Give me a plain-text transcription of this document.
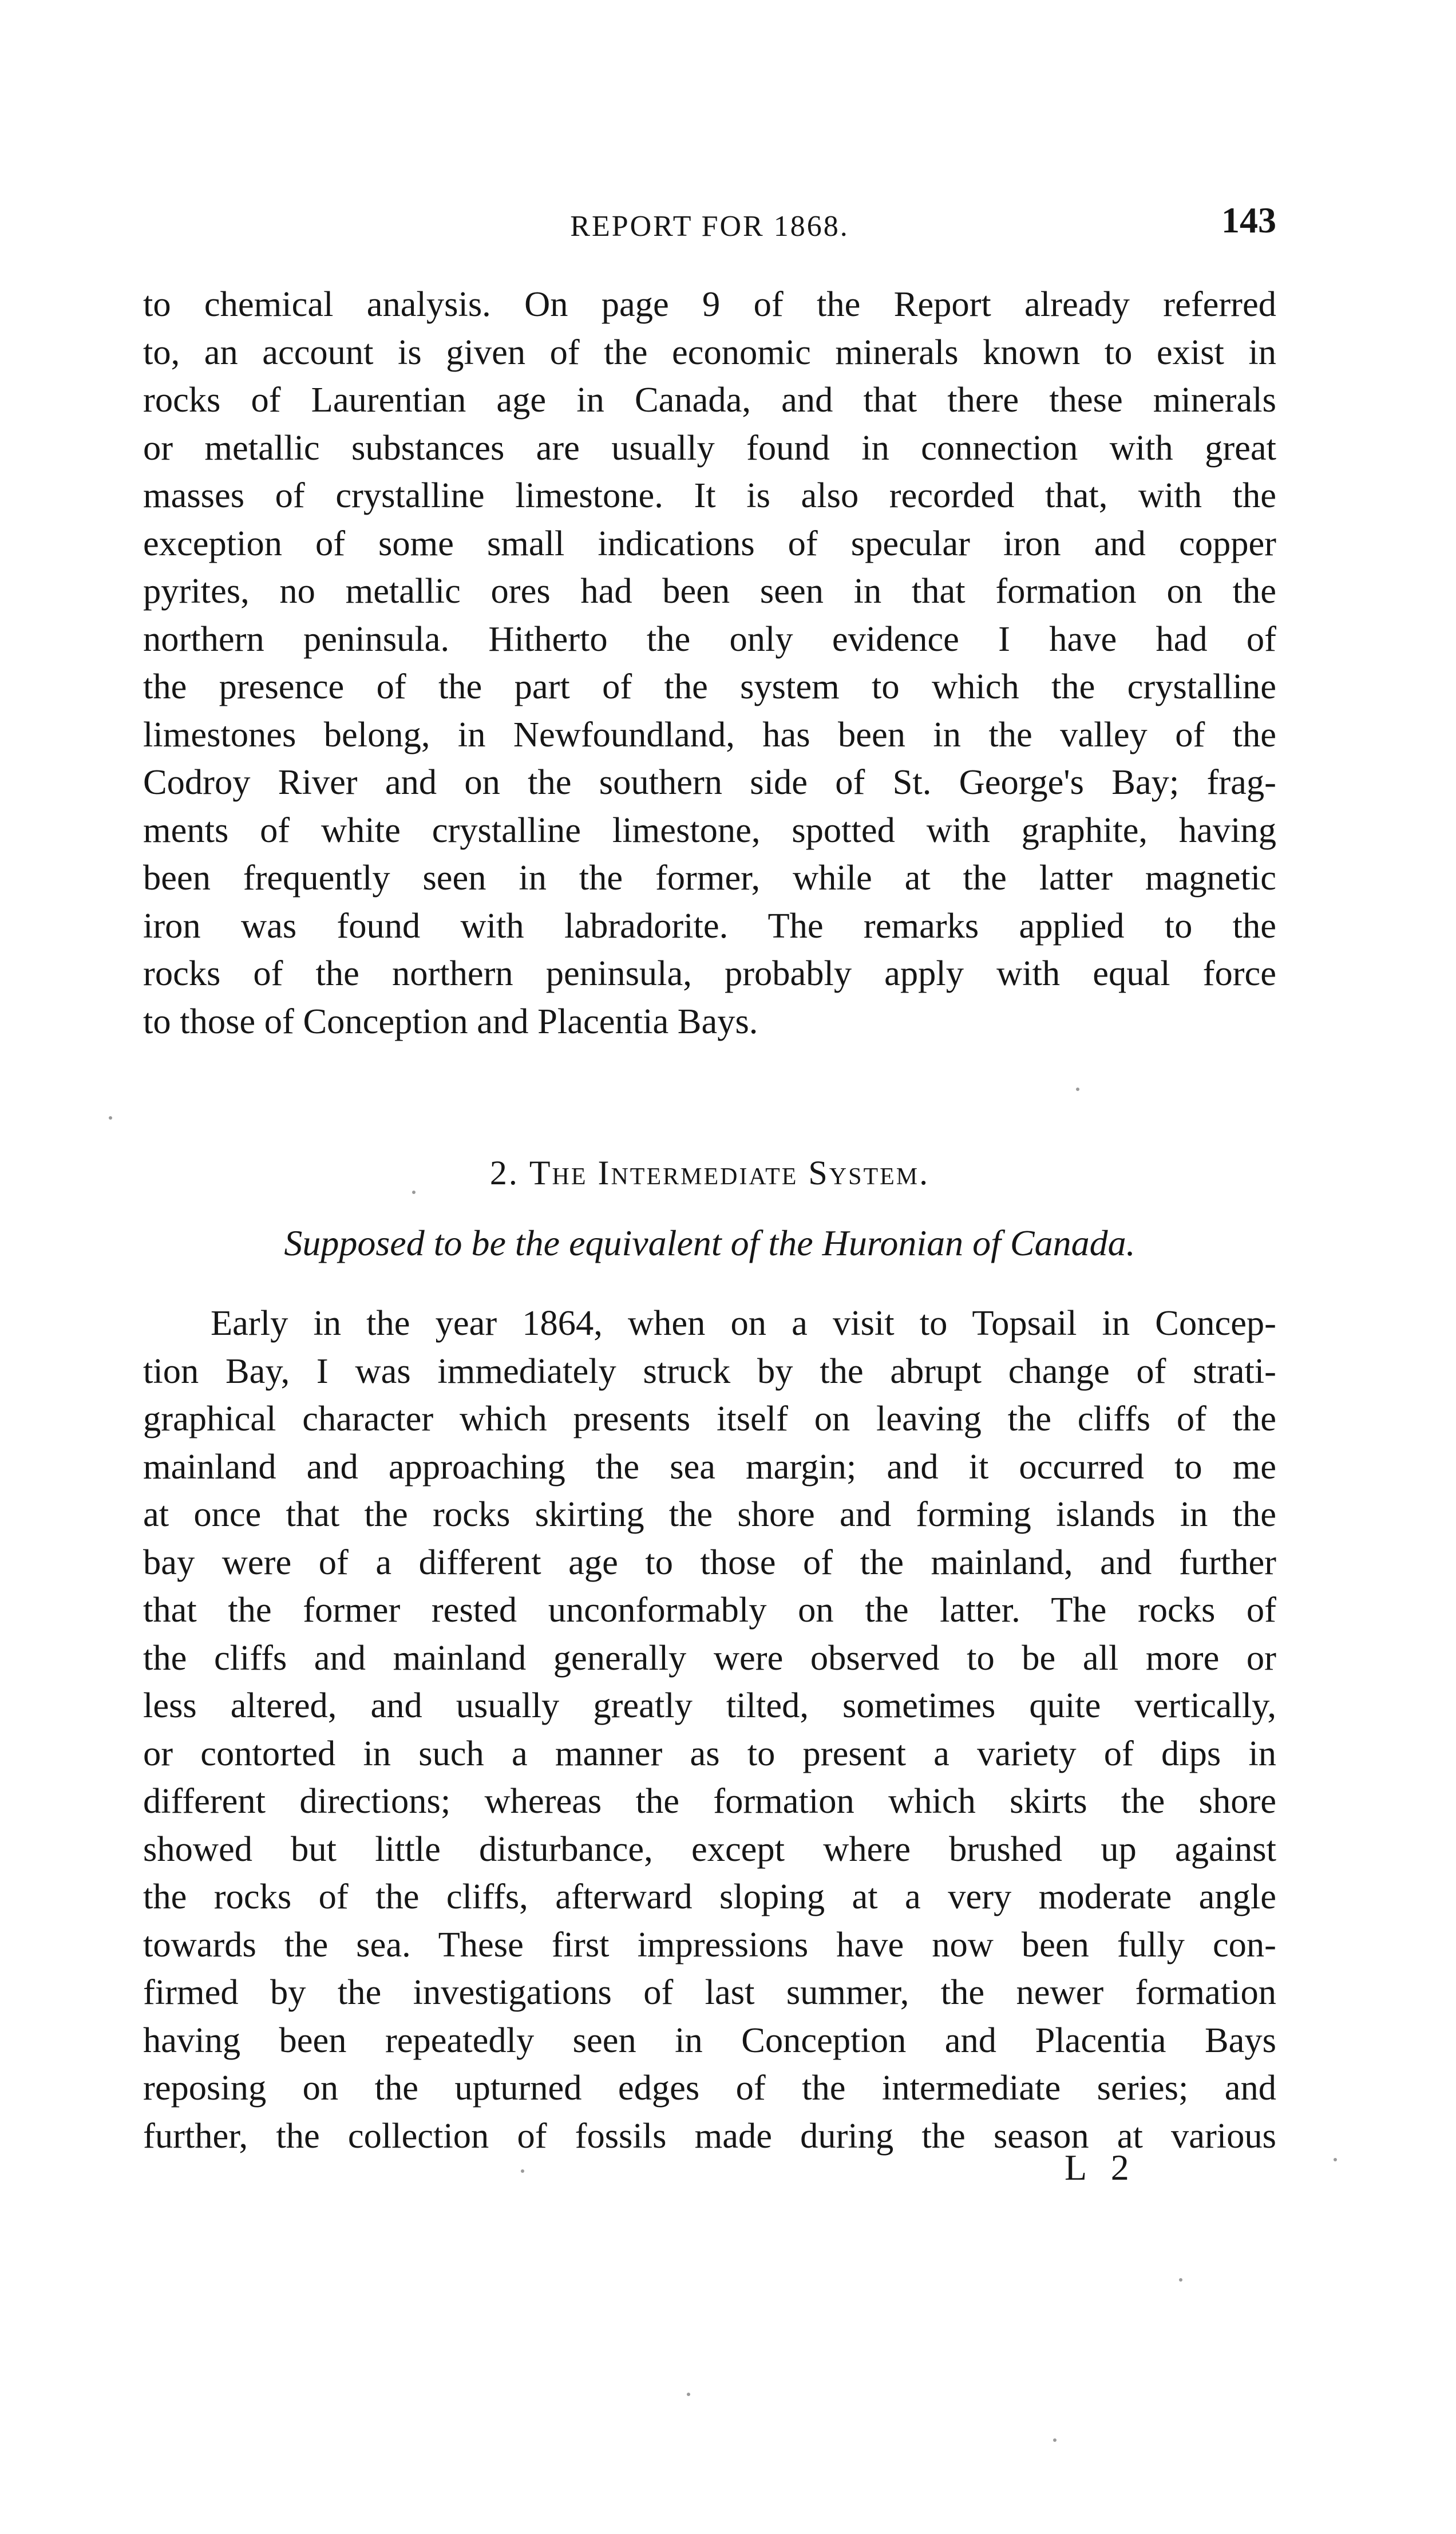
REPORT FOR 1868.	143
to chemical analysis. On page 9 of the Report already referred
to, an account is given of the economic minerals known to exist in
rocks of Laurentian age in Canada, and that there these minerals
or metallic substances are usually found in connection with great
masses of crystalline limestone. It is also recorded that, with the
exception of some small indications of specular iron and copper
pyrites, no metallic ores had been seen in that formation on the
northern peninsula. Hitherto the only evidence I have had of
the presence of the part of the system to which the crystalline
limestones belong, in Newfoundland, has been in the valley of the
Codroy River and on the southern side of St. George's Bay; frag-
ments of white crystalline limestone, spotted with graphite, having
been frequently seen in the former, while at the latter magnetic
iron was found with labradorite. The remarks applied to the
rocks of the northern peninsula, probably apply with equal force
to those of Conception and Placentia Bays.
2. The Intermediate System.
Supposed to be the equivalent of the Huronian of Canada.
Early in the year 1864, when on a visit to Topsail in Concep-
tion Bay, I was immediately struck by the abrupt change of strati-
graphical character which presents itself on leaving the cliffs of the
mainland and approaching the sea margin; and it occurred to me
at once that the rocks skirting the shore and forming islands in the
bay were of a different age to those of the mainland, and further
that the former rested unconformably on the latter. The rocks of
the cliffs and mainland generally were observed to be all more or
less altered, and usually greatly tilted, sometimes quite vertically,
or contorted in such a manner as to present a variety of dips in
different directions; whereas the formation which skirts the shore
showed but little disturbance, except where brushed up against
the rocks of the cliffs, afterward sloping at a very moderate angle
towards the sea. These first impressions have now been fully con-
firmed by the investigations of last summer, the newer formation
having been repeatedly seen in Conception and Placentia Bays
reposing on the upturned edges of the intermediate series; and
further, the collection of fossils made during the season at various
L 2
